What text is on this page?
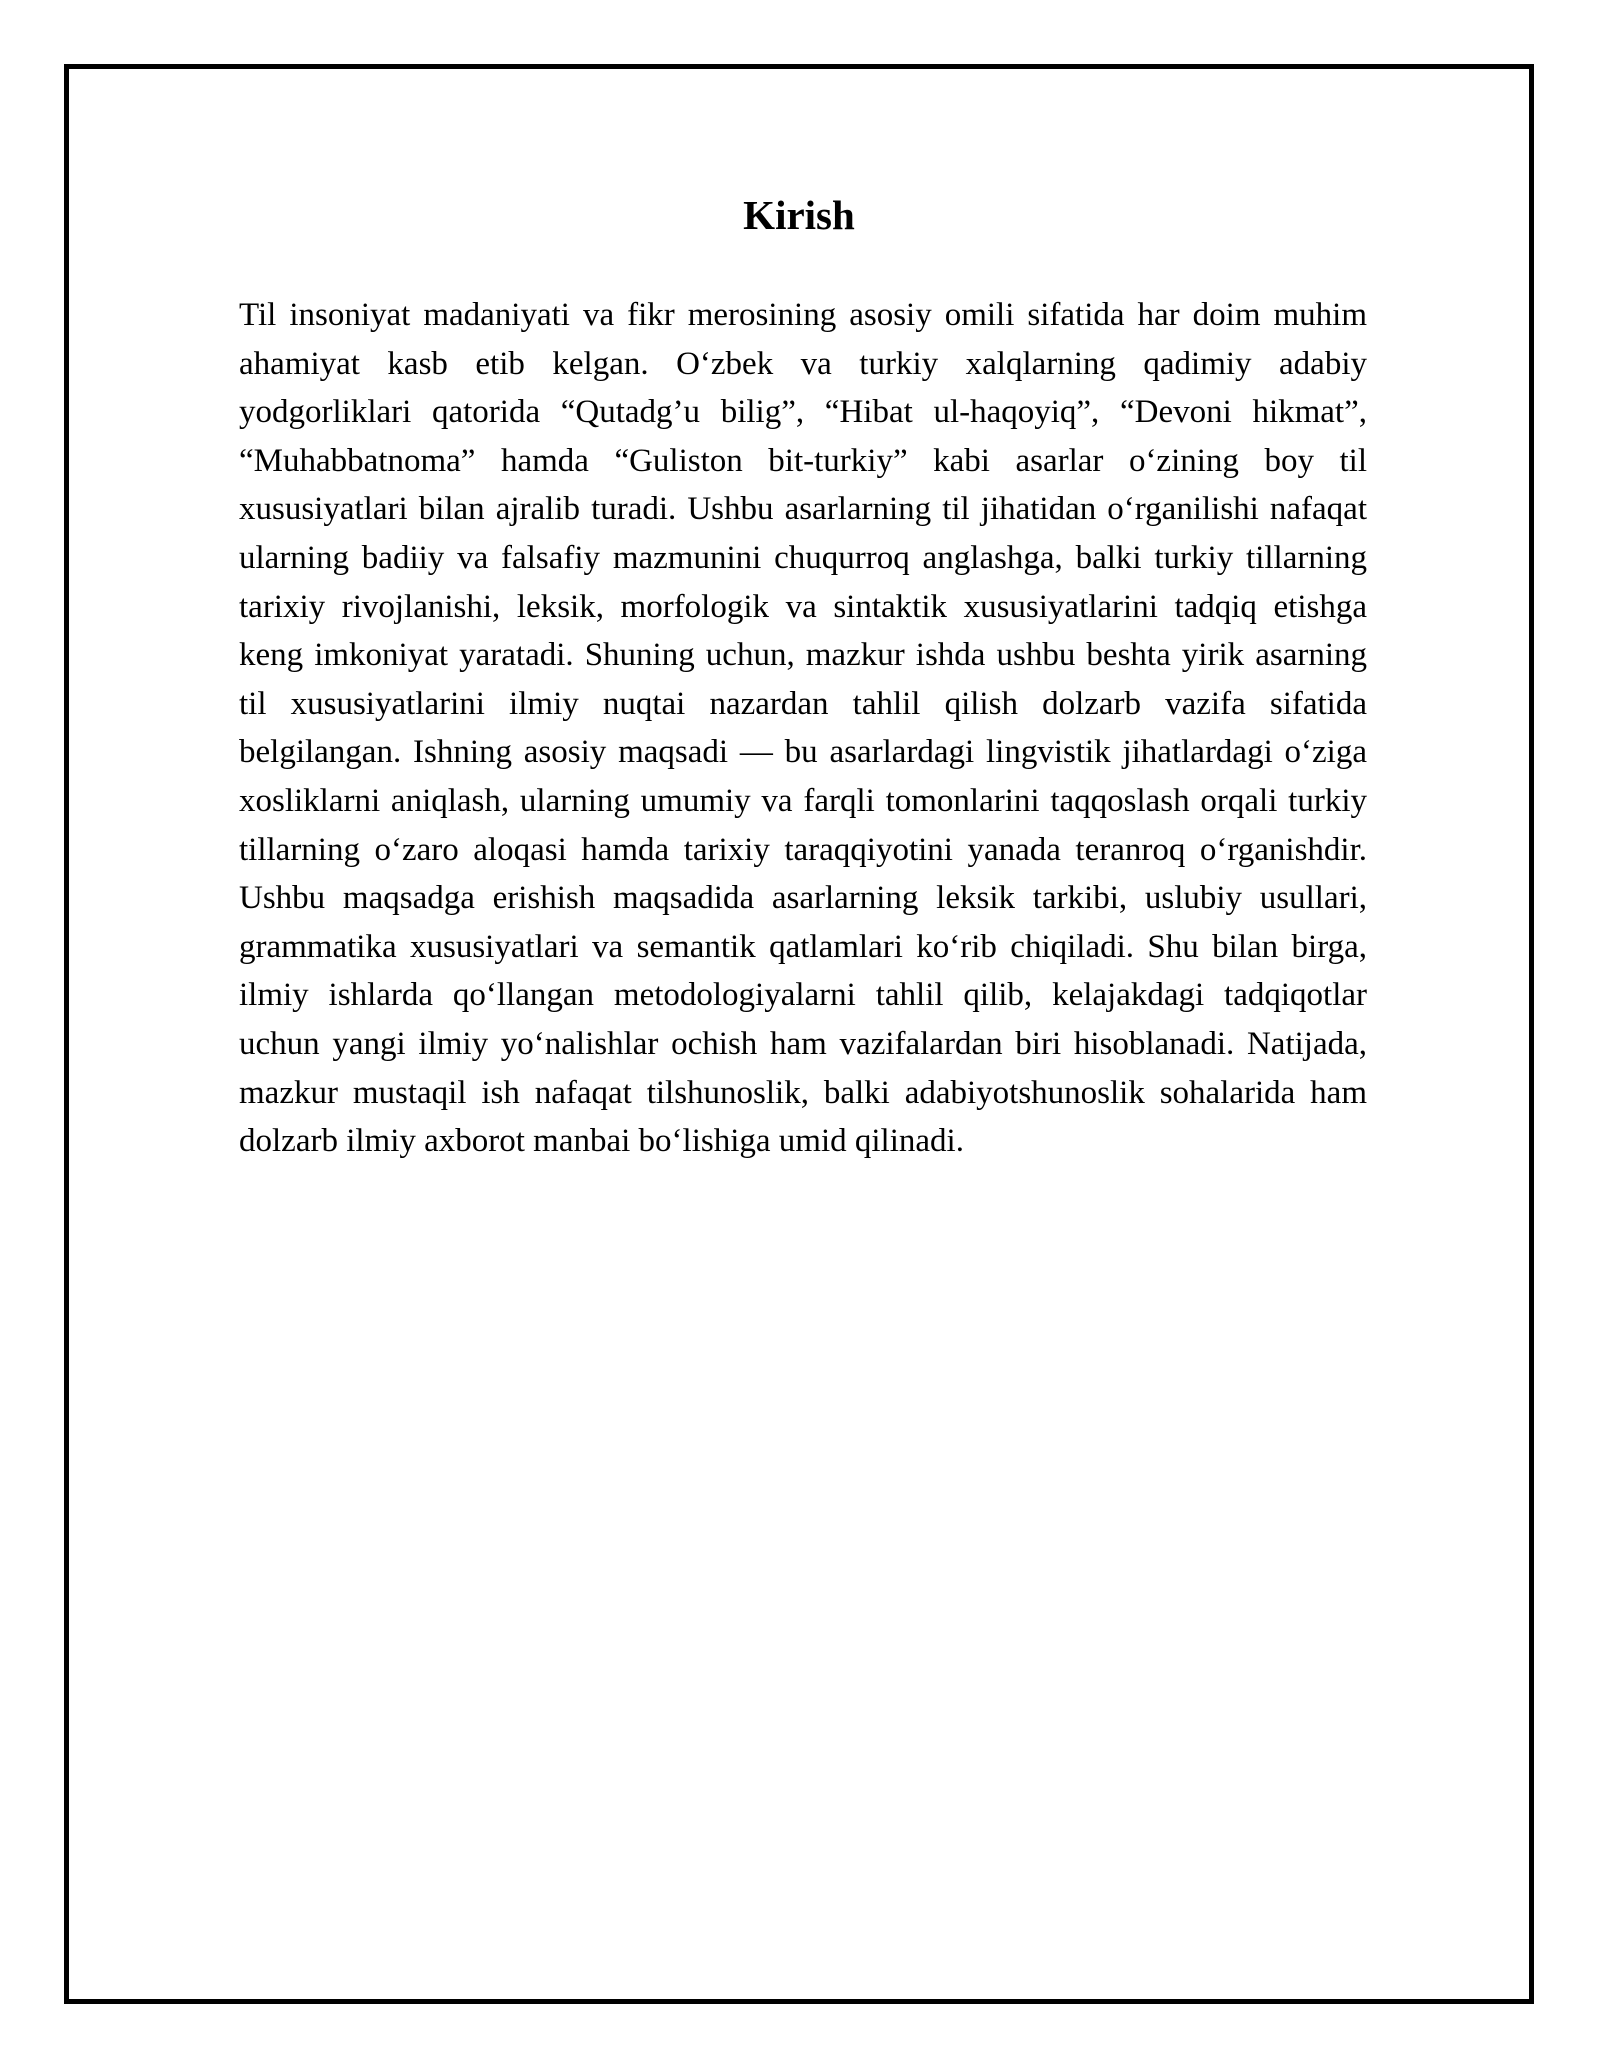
Kirish

Til insoniyat madaniyati va fikr merosining asosiy omili sifatida har doim muhim ahamiyat kasb etib kelgan. O‘zbek va turkiy xalqlarning qadimiy adabiy yodgorliklari qatorida “Qutadg’u bilig”, “Hibat ul-haqoyiq”, “Devoni hikmat”, “Muhabbatnoma” hamda “Guliston bit-turkiy” kabi asarlar o‘zining boy til xususiyatlari bilan ajralib turadi. Ushbu asarlarning til jihatidan o‘rganilishi nafaqat ularning badiiy va falsafiy mazmunini chuqurroq anglashga, balki turkiy tillarning tarixiy rivojlanishi, leksik, morfologik va sintaktik xususiyatlarini tadqiq etishga keng imkoniyat yaratadi. Shuning uchun, mazkur ishda ushbu beshta yirik asarning til xususiyatlarini ilmiy nuqtai nazardan tahlil qilish dolzarb vazifa sifatida belgilangan. Ishning asosiy maqsadi — bu asarlardagi lingvistik jihatlardagi o‘ziga xosliklarni aniqlash, ularning umumiy va farqli tomonlarini taqqoslash orqali turkiy tillarning o‘zaro aloqasi hamda tarixiy taraqqiyotini yanada teranroq o‘rganishdir. Ushbu maqsadga erishish maqsadida asarlarning leksik tarkibi, uslubiy usullari, grammatika xususiyatlari va semantik qatlamlari ko‘rib chiqiladi. Shu bilan birga, ilmiy ishlarda qo‘llangan metodologiyalarni tahlil qilib, kelajakdagi tadqiqotlar uchun yangi ilmiy yo‘nalishlar ochish ham vazifalardan biri hisoblanadi. Natijada, mazkur mustaqil ish nafaqat tilshunoslik, balki adabiyotshunoslik sohalarida ham dolzarb ilmiy axborot manbai bo‘lishiga umid qilinadi.
